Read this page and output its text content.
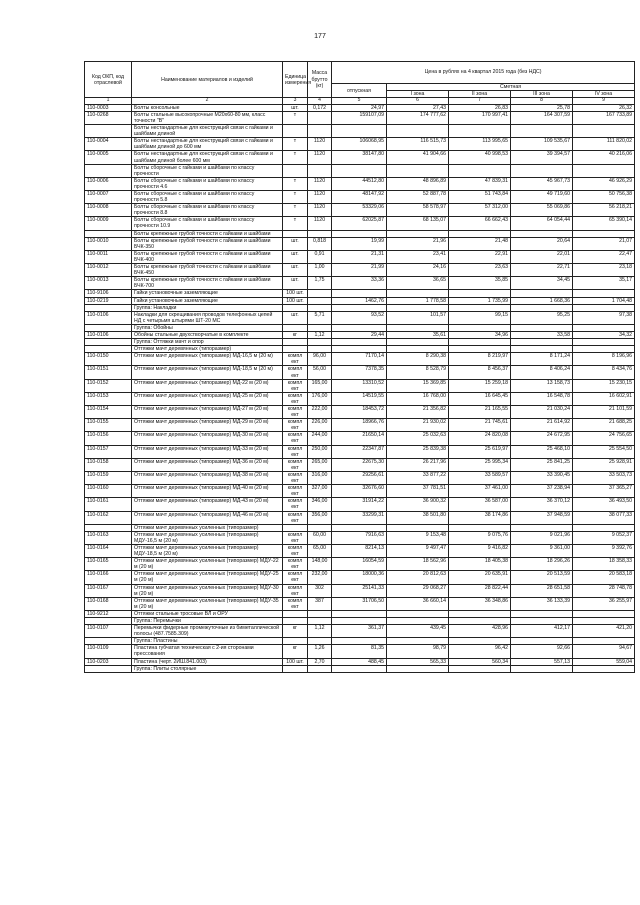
177
Код ОКП, код отраслевой	Наименование материалов и изделий	Единица измерения	Масса брутто (кг)	Цена в рублях на 4 квартал 2015 года (без НДС)				
				отпускная	Сметная			
					I зона	II зона	III зона	IV зона
1	2	3	4	5	6	7	8	9
110-0003	Болты консольные	шт.	0,172	24,97	27,43	26,83	25,78	26,32
110-0268	Болты стальные высокопрочные М20х60-80 мм, класс точности "В"	т		159107,09	174 777,62	170 997,41	164 307,59	167 733,89
	Болты нестандартные для конструкций связи с гайками и шайбами длиной							
110-0004	Болты нестандартные для конструкций связи с гайками и шайбами длиной до 600 мм	т	1120	106068,95	116 515,73	113 995,65	109 535,67	111 820,02
110-0005	Болты нестандартные для конструкций связи с гайками и шайбами длиной более 600 мм	т	1120	38147,80	41 904,66	40 998,53	39 394,57	40 216,06
	Болты сборочные с гайками и шайбами по классу прочности							
110-0006	Болты сборочные с гайками и шайбами по классу прочности 4.6	т	1120	44512,80	48 896,89	47 839,31	45 967,73	46 926,29
110-0007	Болты сборочные с гайками и шайбами по классу прочности 5.8	т	1120	48147,92	52 887,78	51 743,84	49 719,60	50 756,38
110-0008	Болты сборочные с гайками и шайбами по классу прочности 8.8	т	1120	53329,06	58 578,97	57 312,00	55 069,86	56 218,21
110-0009	Болты сборочные с гайками и шайбами по классу прочности 10.9	т	1120	62025,87	68 135,07	66 662,43	64 054,44	65 390,14
	Болты крепежные грубой точности с гайками и шайбами							
110-0010	Болты крепежные грубой точности с гайками и шайбами БЧК-350	шт.	0,818	19,99	21,96	21,48	20,64	21,07
110-0011	Болты крепежные грубой точности с гайками и шайбами БЧК-400	шт.	0,91	21,31	23,41	22,91	22,01	22,47
110-0012	Болты крепежные грубой точности с гайками и шайбами БЧК-450	шт.	1,00	21,99	24,16	23,63	22,71	23,18
110-0013	Болты крепежные грубой точности с гайками и шайбами БЧК-700	шт.	1,75	33,36	36,65	35,85	34,45	35,17
110-9106	Гайки установочные заземляющие	100 шт.						
110-0219	Гайки установочные заземляющие	100 шт.		1462,76	1 778,58	1 735,99	1 668,36	1 704,48
	Группа: Накладки							
110-0106	Накладки для скрещивания проводов телефонных цепей НД с четырьмя штырями ШТ-20 МС	шт.	5,71	93,52	101,57	99,15	95,25	97,38
	Группа: Обойны							
110-0106	Обойны стальные двухстворчатые в комплекте	кг	1,12	29,44	35,61	34,96	33,58	34,32
	Группа: Оттяжки мачт и опор							
	Оттяжки мачт деревянных (типоразмер)							
110-0150	Оттяжки мачт деревянных (типоразмер) МД-16,5 м (20 м)	компл ект	96,00	7170,14	8 290,38	8 219,97	8 171,24	8 196,96
110-0151	Оттяжки мачт деревянных (типоразмер) МД-18,5 м (20 м)	компл ект	56,00	7378,35	8 528,79	8 456,37	8 406,24	8 434,76
110-0152	Оттяжки мачт деревянных (типоразмер) МД-22 м (20 м)	компл ект	165,00	13310,52	15 369,85	15 259,18	13 158,73	15 230,15
110-0153	Оттяжки мачт деревянных (типоразмер) МД-25 м (20 м)	компл ект	176,00	14519,55	16 768,00	16 645,45	16 548,78	16 602,91
110-0154	Оттяжки мачт деревянных (типоразмер) МД-27 м (20 м)	компл ект	222,00	18453,72	21 356,82	21 165,55	21 030,24	21 101,59
110-0155	Оттяжки мачт деревянных (типоразмер) МД-29 м (20 м)	компл ект	226,00	18966,76	21 930,02	21 745,61	21 614,92	21 688,25
110-0156	Оттяжки мачт деревянных (типоразмер) МД-30 м (20 м)	компл ект	244,00	21650,14	25 032,63	24 820,08	24 672,95	24 756,65
110-0157	Оттяжки мачт деревянных (типоразмер) МД-33 м (20 м)	компл ект	250,00	22347,87	25 839,38	25 619,97	25 468,10	25 554,50
110-0158	Оттяжки мачт деревянных (типоразмер) МД-36 м (20 м)	компл ект	265,00	22675,30	26 217,96	25 995,34	25 841,25	25 928,91
110-0159	Оттяжки мачт деревянных (типоразмер) МД-38 м (20 м)	компл ект	316,00	29256,61	33 877,22	33 589,57	33 390,45	33 503,73
110-0160	Оттяжки мачт деревянных (типоразмер) МД-40 м (20 м)	компл ект	327,00	32676,60	37 781,51	37 461,00	37 238,94	37 365,27
110-0161	Оттяжки мачт деревянных (типоразмер) МД-43 м (20 м)	компл ект	346,00	31914,22	36 900,32	36 587,00	36 370,12	36 493,50
110-0162	Оттяжки мачт деревянных (типоразмер) МД-46 м (20 м)	компл ект	356,00	33299,31	38 501,80	38 174,86	37 948,59	38 077,33
	Оттяжки мачт деревянных усиленных (типоразмер)							
110-0163	Оттяжки мачт деревянных усиленных (типоразмер) МДУ-16,5 м (20 м)	компл ект	60,00	7916,63	9 153,48	9 075,76	9 021,96	9 052,37
110-0164	Оттяжки мачт деревянных усиленных (типоразмер) МДУ-18,5 м (20 м)	компл ект	65,00	8214,13	9 497,47	9 416,82	9 361,00	9 392,76
110-0165	Оттяжки мачт деревянных усиленных (типоразмер) МДУ-22 м (20 м)	компл ект	148,00	16054,59	18 562,96	18 405,38	18 296,26	18 358,33
110-0166	Оттяжки мачт деревянных усиленных (типоразмер) МДУ-25 м (20 м)	компл ект	232,00	18000,36	20 812,63	20 635,91	20 513,59	20 583,18
110-0167	Оттяжки мачт деревянных усиленных (типоразмер) МДУ-30 м (20 м)	компл ект	302	25141,33	29 068,27	28 822,44	28 651,58	28 748,78
110-0168	Оттяжки мачт деревянных усиленных (типоразмер) МДУ-35 м (20 м)	компл ект	387	31706,50	36 660,14	36 348,86	36 133,39	36 255,97
110-9212	Оттяжки стальные тросовые ВЛ и ОРУ							
	Группа: Перемычки							
110-0107	Перемычки фидерные промежуточные из биметаллической полосы (487.7585.309)	кг	1,12	361,37	439,45	428,96	412,17	421,20
	Группа: Пластины							
110-0109	Пластина губчатая техническая с 2-ия сторонами прессования	кг	1,26	81,35	98,79	96,42	92,66	94,67
110-0203	Пластина (черт. 2ИШ.841.003)	100 шт.	2,70	488,45	565,33	560,34	557,13	559,04
	Группа: Плиты столярные							
